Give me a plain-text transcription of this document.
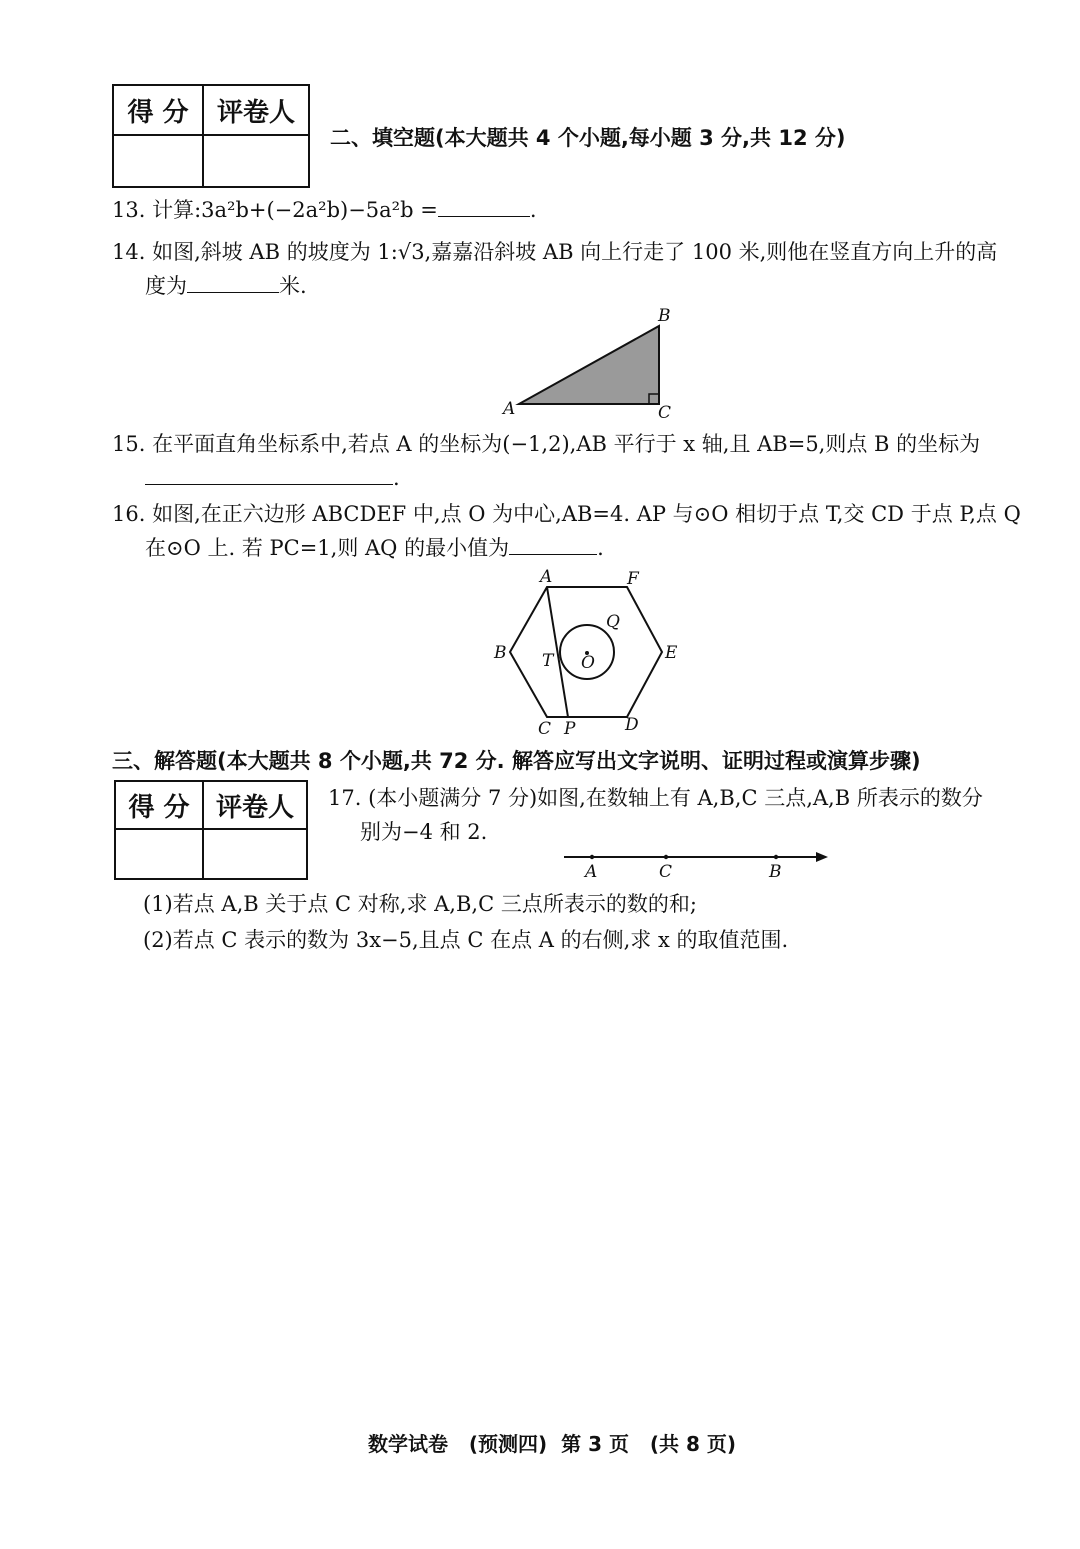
得 分	评卷人

二、填空题(本大题共 4 个小题,每小题 3 分,共 12 分)
13. 计算:3a²b+(−2a²b)−5a²b =	.
14. 如图,斜坡 AB 的坡度为 1:√3,嘉嘉沿斜坡 AB 向上行走了 100 米,则他在竖直方向上升的高
度为	米.
A
B
C
15. 在平面直角坐标系中,若点 A 的坐标为(−1,2),AB 平行于 x 轴,且 AB=5,则点 B 的坐标为
.
16. 如图,在正六边形 ABCDEF 中,点 O 为中心,AB=4. AP 与⊙O 相切于点 T,交 CD 于点 P,点 Q
在⊙O 上. 若 PC=1,则 AQ 的最小值为	.
A	F
B	E
C P	D
Q
T O
三、解答题(本大题共 8 个小题,共 72 分. 解答应写出文字说明、证明过程或演算步骤)
得 分	评卷人
	17. (本小题满分 7 分)如图,在数轴上有 A,B,C 三点,A,B 所表示的数分
别为−4 和 2.
A	C	B
(1)若点 A,B 关于点 C 对称,求 A,B,C 三点所表示的数的和;
(2)若点 C 表示的数为 3x−5,且点 C 在点 A 的右侧,求 x 的取值范围.
数学试卷 (预测四) 第 3 页 (共 8 页)
